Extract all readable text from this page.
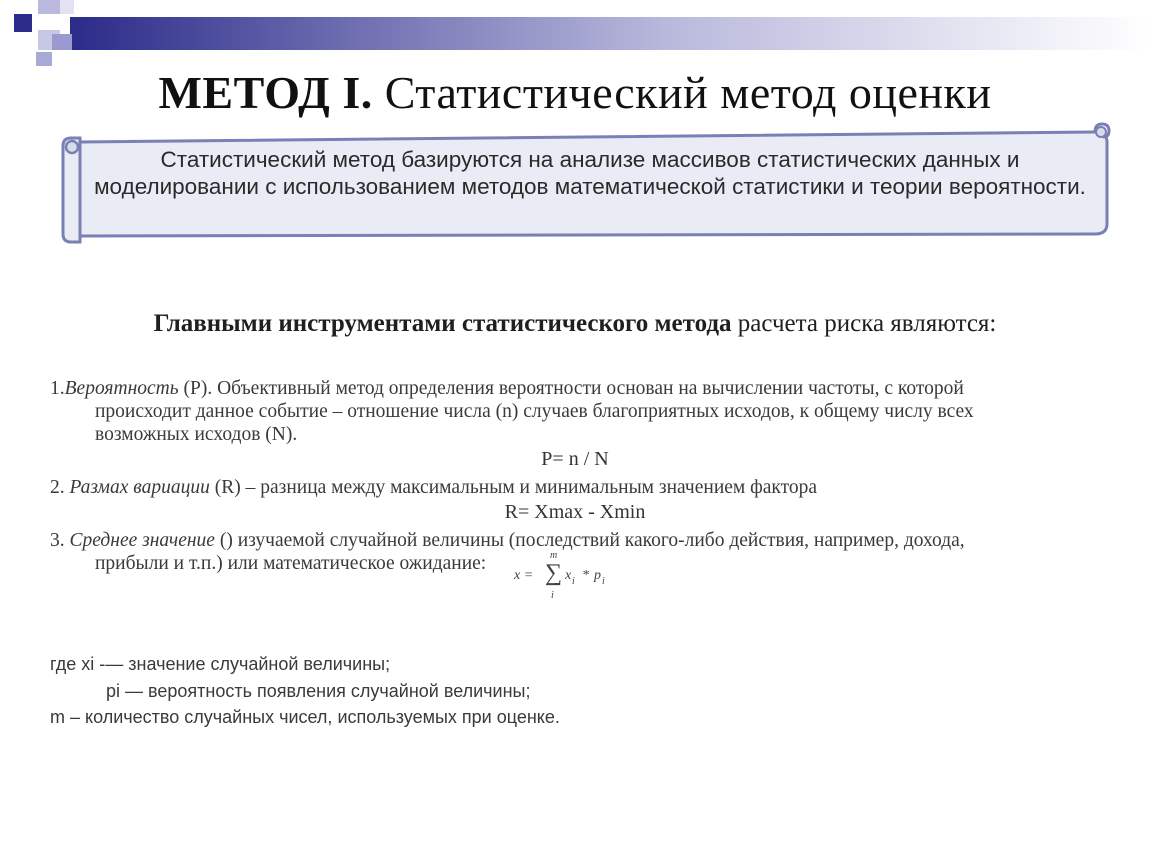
МЕТОД I. Статистический метод оценки
Статистический метод базируются на анализе массивов статистических данных и моделировании с использованием методов математической статистики и теории вероятности.
Главными инструментами статистического метода расчета риска являются:
1.Вероятность (P). Объективный метод определения вероятности основан на вычислении частоты, с которой
происходит данное событие – отношение числа (n) случаев благоприятных исходов, к общему числу всех
возможных исходов (N).
P= n / N
2. Размах вариации (R) – разница между максимальным и минимальным значением фактора
R= Xmax - Xmin
3. Среднее значение () изучаемой случайной величины (последствий какого-либо действия, например, дохода,
прибыли и т.п.) или математическое ожидание:
x = ∑
m
i
x i * p i
где xi -— значение случайной величины;
pi — вероятность появления случайной величины;
m – количество случайных чисел, используемых при оценке.
